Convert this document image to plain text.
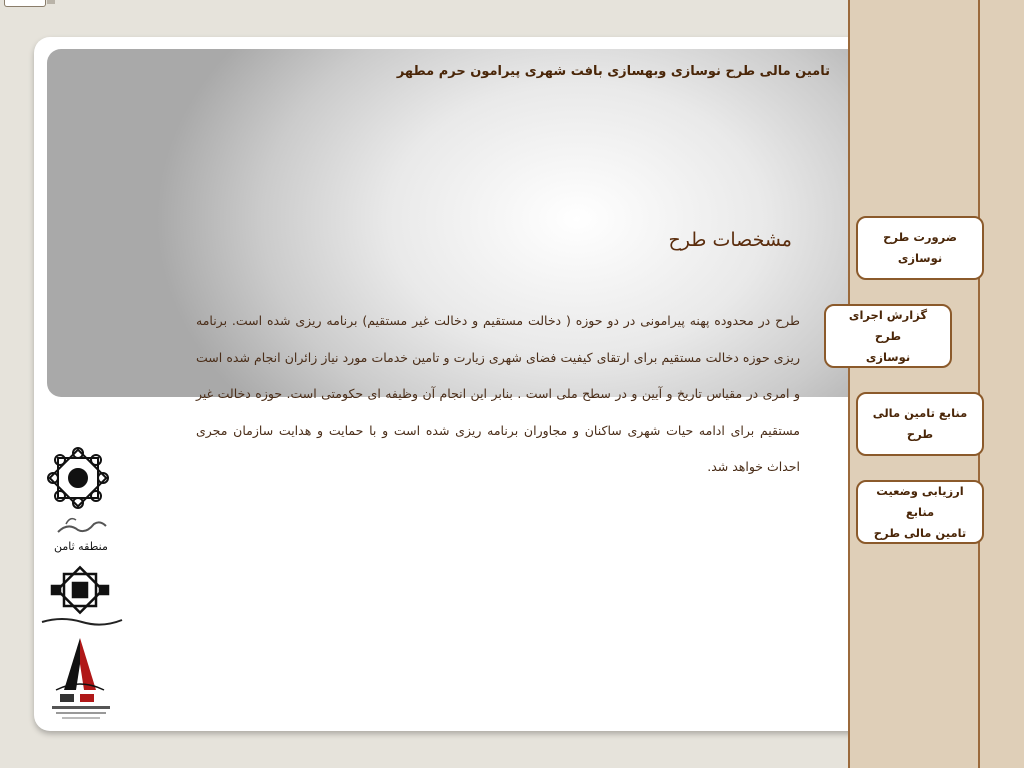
تامین مالی طرح نوسازی وبهسازی بافت شهری پیرامون حرم مطهر
مشخصات طرح
طرح در محدوده پهنه پیرامونی در دو حوزه ( دخالت مستقیم و دخالت غیر مستقیم) برنامه ریزی شده است. برنامه ریزی حوزه دخالت مستقیم برای ارتقای کیفیت فضای شهری زیارت و تامین خدمات مورد نیاز زائران انجام شده است و امری در مقیاس تاریخ و آیین و در سطح ملی است . بنابر این انجام آن وظیفه ای حکومتی است. حوزه دخالت غیر مستقیم برای ادامه حیات شهری ساکنان و مجاوران برنامه ریزی شده است و با حمایت و هدایت سازمان مجری احداث خواهد شد.
منطقه ثامن
ضرورت طرح
نوسازی
گزارش اجرای طرح
نوسازی
منابع تامین مالی طرح
ارزیابی وضعیت منابع
تامین مالی طرح
